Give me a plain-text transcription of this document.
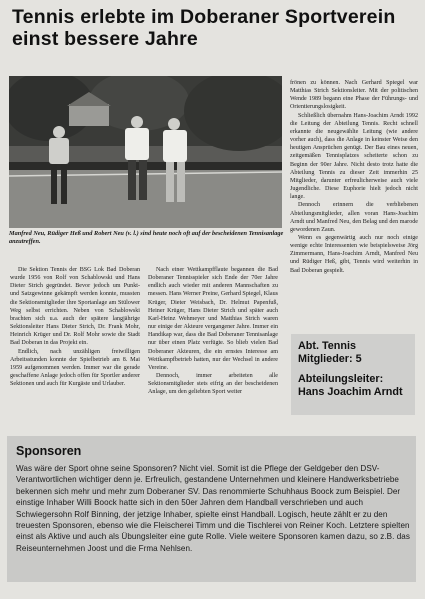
Tennis erlebte im Doberaner Sportverein einst bessere Jahre
Manfred Neu, Rüdiger Heß und Robert Neu (v. l.) sind heute noch oft auf der bescheidenen Tennisanlage anzutreffen.

Die Sektion Tennis der BSG Lok Bad Doberan wurde 1956 von Rolf von Schablowski und Hans Dieter Strich gegründet. Bevor jedoch um Punkt- und Satzgewinne gekämpft werden konnte, mussten die Sektionsmitglieder ihre Sportanlage am Stülower Weg selbst errichten. Neben von Schablowski brachten sich u.a. auch der spätere langjährige Sektionsleiter Hans Dieter Strich, Dr. Frank Mohr, Heinrich Krüger und Dr. Rolf Mohr sowie die Stadt Bad Doberan in das Projekt ein.

Endlich, nach unzähligen freiwilligen Arbeitsstunden konnte der Spielbetrieb am 8. Mai 1959 aufgenommen werden. Immer war die gerade geschaffene Anlage jedoch offen für Sportler anderer Sektionen und auch für Kurgäste und Urlauber.

Nach einer Wettkampfflaute begannen die Bad Doberaner Tennisspieler sich Ende der 70er Jahre endlich auch wieder mit anderen Mannschaften zu messen. Hans Werner Preine, Gerhard Spiegel, Klaus Krüger, Dieter Weisbach, Dr. Helmut Papenfuß, Heiner Krüger, Hans Dieter Strich und später auch Karl-Heinz Wehmeyer und Matthias Strich waren nur einige der Akteure vergangener Jahre. Immer ein Handikap war, dass die Bad Doberaner Tennisanlage nur über einen Platz verfügte. So blieb vielen Bad Doberaner Akteuren, die ein ernstes Interesse am Wettkampfbetrieb hatten, nur der Wechsel in andere Vereine.

Dennoch, immer arbeiteten alle Sektionsmitglieder stets eifrig an der bescheidenen Anlage, um den geliebten Sport weiter

frönen zu können. Nach Gerhard Spiegel war Matthias Strich Sektionsleiter. Mit der politischen Wende 1989 begann eine Phase der Führungs- und Orientierungslosigkeit.

Schließlich übernahm Hans-Joachim Arndt 1992 die Leitung der Abteilung Tennis. Recht schnell erkannte die neugewählte Leitung (wie andere vorher auch), dass die Anlage in keinster Weise den heutigen Ansprüchen genügt. Der Bau eines neuen, zeitgemäßen Tennisplatzes scheiterte schon zu Beginn der 90er Jahre. Nicht desto trotz hatte die Abteilung Tennis zu dieser Zeit immerhin 25 Mitglieder, darunter erfreulicherweise auch viele Jugendliche. Diese Euphorie hielt jedoch nicht lange.

Dennoch erinnern die verbliebenen Abteilungsmitglieder, allen voran Hans-Joachim Arndt und Manfred Neu, den Belag und den marode gewordenen Zaun.

Wenn es gegenwärtig auch nur noch einige wenige echte Interessenten wie beispielsweise Jörg Zimmermann, Hans-Joachim Arndt, Manfred Neu und Rüdiger Heß, gibt, Tennis wird weiterhin in Bad Doberan gespielt.

Abt. Tennis
Mitglieder: 5
Abteilungsleiter:
Hans Joachim Arndt
Sponsoren

Was wäre der Sport ohne seine Sponsoren? Nicht viel. Somit ist die Pflege der Geldgeber den DSV-Verantwortlichen wichtiger denn je. Erfreulich, gestandene Unternehmen und kleinere Handwerksbetriebe bekennen sich mehr und mehr zum Doberaner SV. Das renommierte Schuhhaus Boock zum Beispiel. Der einstige Inhaber Willi Boock hatte sich in den 50er Jahren dem Handball verschrieben und auch Schwiegersohn Rolf Binning, der jetzige Inhaber, spielte einst Handball. Logisch, heute zählt er zu den treuesten Sponsoren, ebenso wie die Fleischerei Timm und die Tischlerei von Reiner Koch. Letztere spielten einst als Aktive und auch als Übungsleiter eine gute Rolle. Viele weitere Sponsoren kamen dazu, so z.B. das Reiseunternehmen Joost und die Frma Nehlsen.
